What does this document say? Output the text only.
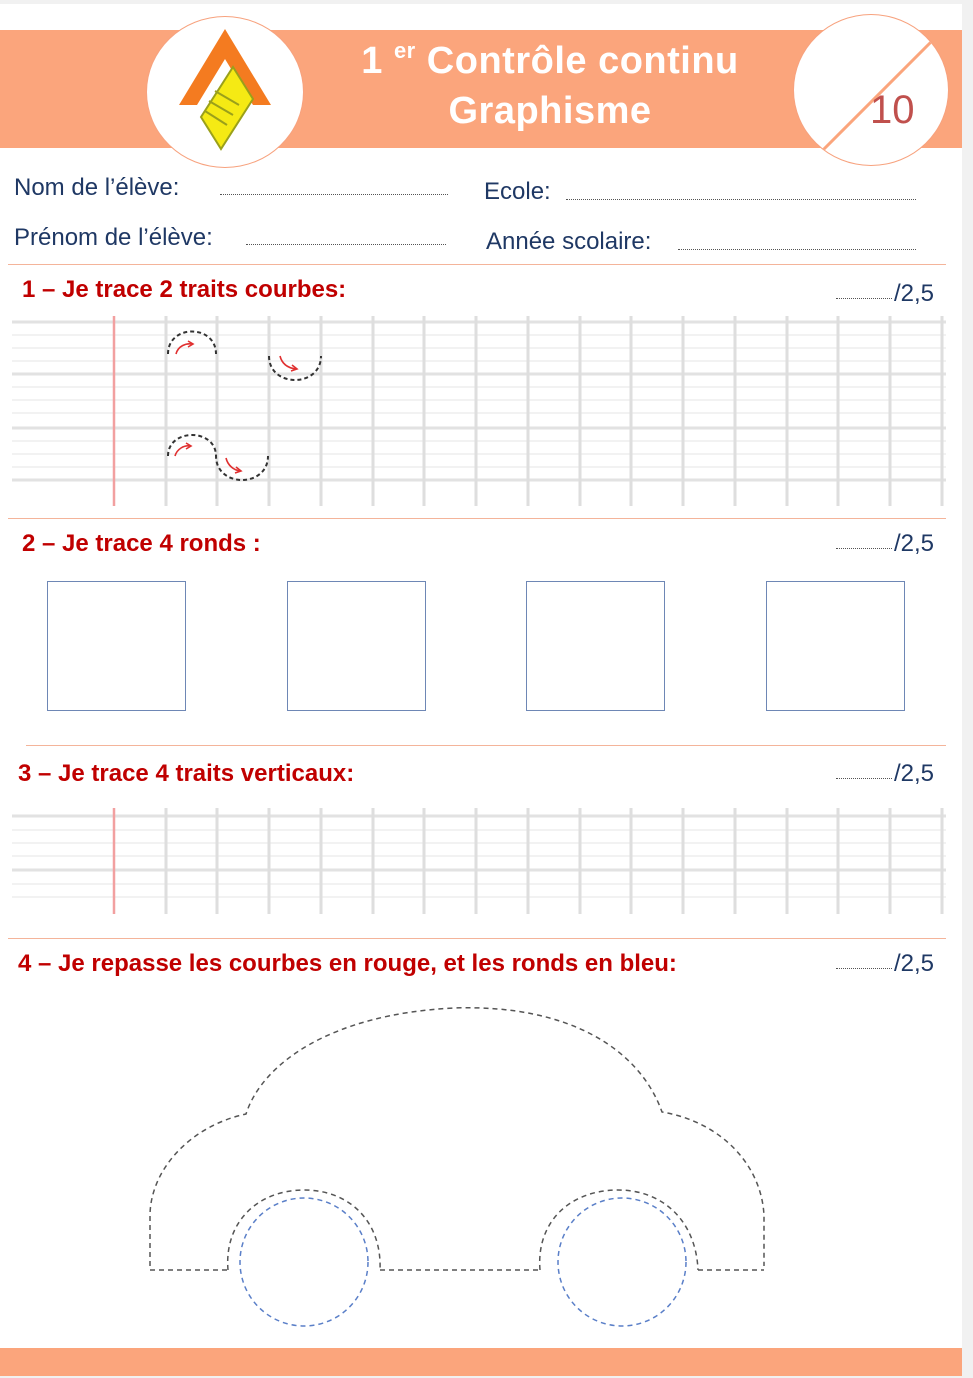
1 $^{er}$ Contrôle continu
Graphisme	10
Nom de l’élève:	Ecole:
Prénom de l’élève:	Année scolaire:
1 – Je trace 2 traits courbes:	/2,5
2 – Je trace 4 ronds :	/2,5
3 – Je trace 4 traits verticaux:	/2,5
4 – Je repasse les courbes en rouge, et les ronds en bleu:	/2,5
